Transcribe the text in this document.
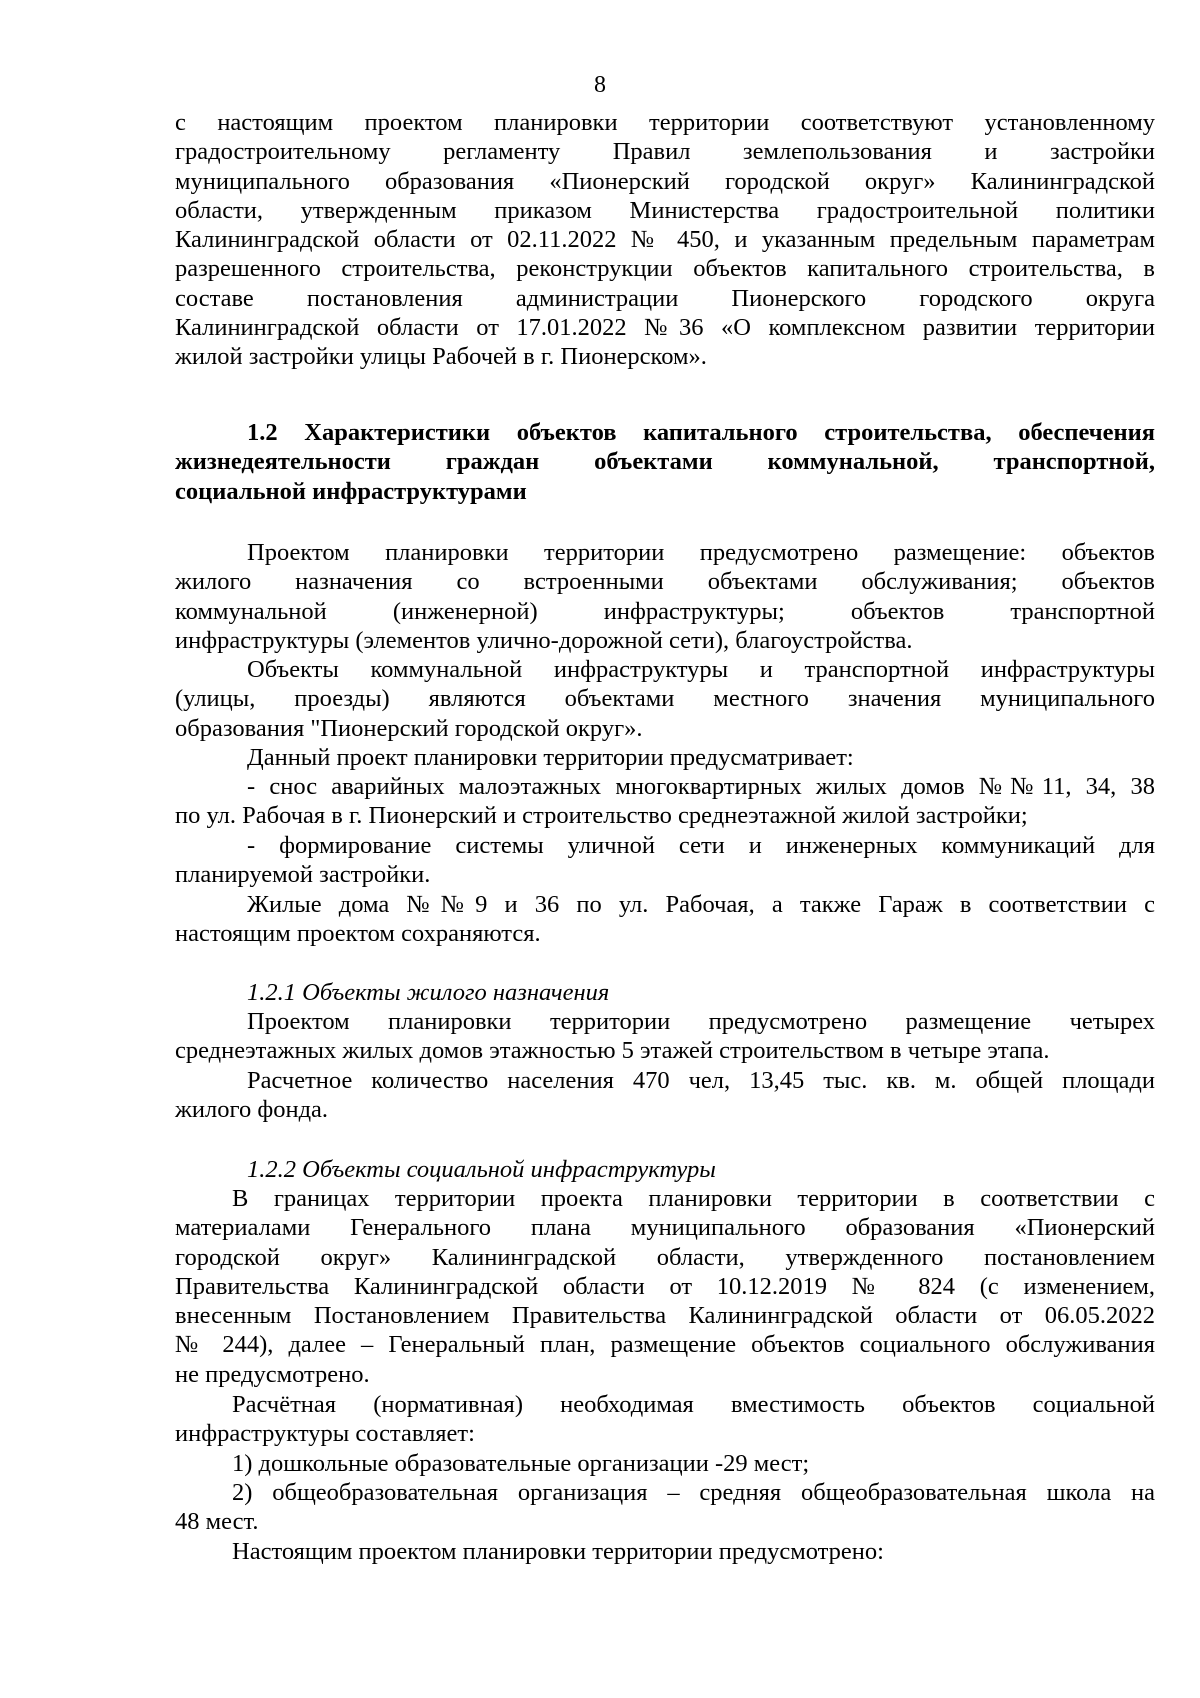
8
с настоящим проектом планировки территории соответствуют установленному
градостроительному регламенту Правил землепользования и застройки
муниципального образования «Пионерский городской округ» Калининградской
области, утвержденным приказом Министерства градостроительной политики
Калининградской области от 02.11.2022 № 450, и указанным предельным параметрам
разрешенного строительства, реконструкции объектов капитального строительства, в
составе постановления администрации Пионерского городского округа
Калининградской области от 17.01.2022 №36 «О комплексном развитии территории
жилой застройки улицы Рабочей в г. Пионерском».
1.2 Характеристики объектов капитального строительства, обеспечения
жизнедеятельности граждан объектами коммунальной, транспортной,
социальной инфраструктурами
Проектом планировки территории предусмотрено размещение: объектов
жилого назначения со встроенными объектами обслуживания; объектов
коммунальной (инженерной) инфраструктуры; объектов транспортной
инфраструктуры (элементов улично-дорожной сети), благоустройства.
Объекты коммунальной инфраструктуры и транспортной инфраструктуры
(улицы, проезды) являются объектами местного значения муниципального
образования "Пионерский городской округ».
Данный проект планировки территории предусматривает:
- снос аварийных малоэтажных многоквартирных жилых домов №№11, 34, 38
по ул. Рабочая в г. Пионерский и строительство среднеэтажной жилой застройки;
- формирование системы уличной сети и инженерных коммуникаций для
планируемой застройки.
Жилые дома №№9 и 36 по ул. Рабочая, а также Гараж в соответствии с
настоящим проектом сохраняются.
1.2.1 Объекты жилого назначения
Проектом планировки территории предусмотрено размещение четырех
среднеэтажных жилых домов этажностью 5 этажей строительством в четыре этапа.
Расчетное количество населения 470 чел, 13,45 тыс. кв. м. общей площади
жилого фонда.
1.2.2 Объекты социальной инфраструктуры
В границах территории проекта планировки территории в соответствии с
материалами Генерального плана муниципального образования «Пионерский
городской округ» Калининградской области, утвержденного постановлением
Правительства Калининградской области от 10.12.2019 № 824 (с изменением,
внесенным Постановлением Правительства Калининградской области от 06.05.2022
№ 244), далее – Генеральный план, размещение объектов социального обслуживания
не предусмотрено.
Расчётная (нормативная) необходимая вместимость объектов социальной
инфраструктуры составляет:
1) дошкольные образовательные организации -29 мест;
2) общеобразовательная организация – средняя общеобразовательная школа на
48 мест.
Настоящим проектом планировки территории предусмотрено:
